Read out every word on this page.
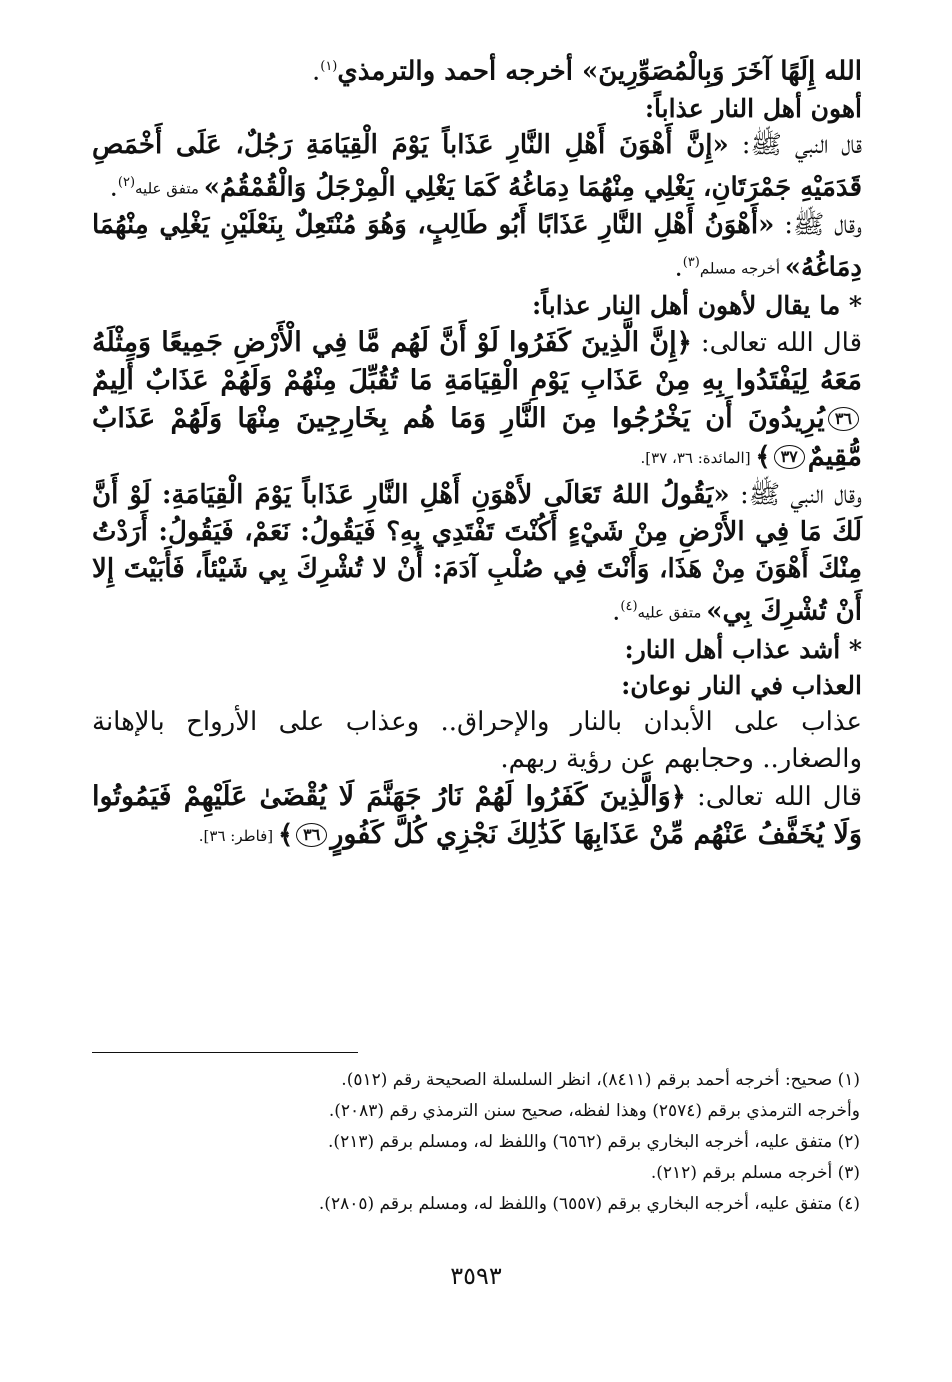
الله إِلَهًا آخَرَ وَبِالْمُصَوِّرِينَ» أخرجه أحمد والترمذي$^{(١)}$.

أهون أهل النار عذاباً:

قال النبي ﷺ: «إِنَّ أَهْوَنَ أَهْلِ النَّارِ عَذَاباً يَوْمَ الْقِيَامَةِ رَجُلٌ، عَلَى أَخْمَصِ قَدَمَيْهِ جَمْرَتَانِ، يَغْلِي مِنْهُمَا دِمَاغُهُ كَمَا يَغْلِي الْمِرْجَلُ وَالْقُمْقُمُ» متفق عليه$^{(٢)}$.

وقال ﷺ: «أَهْوَنُ أَهْلِ النَّارِ عَذَابًا أَبُو طَالِبٍ، وَهُوَ مُنْتَعِلٌ بِنَعْلَيْنِ يَغْلِي مِنْهُمَا دِمَاغُهُ» أخرجه مسلم$^{(٣)}$.

* ما يقال لأهون أهل النار عذاباً:

قال الله تعالى: ﴿إِنَّ الَّذِينَ كَفَرُوا لَوْ أَنَّ لَهُم مَّا فِي الْأَرْضِ جَمِيعًا وَمِثْلَهُ مَعَهُ لِيَفْتَدُوا بِهِ مِنْ عَذَابِ يَوْمِ الْقِيَامَةِ مَا تُقُبِّلَ مِنْهُمْ وَلَهُمْ عَذَابٌ أَلِيمٌ٣٦يُرِيدُونَ أَن يَخْرُجُوا مِنَ النَّارِ وَمَا هُم بِخَارِجِينَ مِنْهَا وَلَهُمْ عَذَابٌ مُّقِيمٌ٣٧﴾ [المائدة: ٣٦، ٣٧].

وقال النبي ﷺ: «يَقُولُ اللهُ تَعَالَى لأَهْوَنِ أَهْلِ النَّارِ عَذَاباً يَوْمَ الْقِيَامَةِ: لَوْ أَنَّ لَكَ مَا فِي الأَرْضِ مِنْ شَيْءٍ أَكُنْتَ تَفْتَدِي بِهِ؟ فَيَقُولُ: نَعَمْ، فَيَقُولُ: أَرَدْتُ مِنْكَ أَهْوَنَ مِنْ هَذَا، وَأَنْتَ فِي صُلْبِ آدَمَ: أَنْ لا تُشْرِكَ بِي شَيْئاً، فَأَبَيْتَ إِلا أَنْ تُشْرِكَ بِي» متفق عليه$^{(٤)}$.

* أشد عذاب أهل النار:

العذاب في النار نوعان:

عذاب على الأبدان بالنار والإحراق.. وعذاب على الأرواح بالإهانة والصغار.. وحجابهم عن رؤية ربهم.

قال الله تعالى: ﴿وَالَّذِينَ كَفَرُوا لَهُمْ نَارُ جَهَنَّمَ لَا يُقْضَىٰ عَلَيْهِمْ فَيَمُوتُوا وَلَا يُخَفَّفُ عَنْهُم مِّنْ عَذَابِهَا كَذَٰلِكَ نَجْزِي كُلَّ كَفُورٍ٣٦﴾ [فاطر: ٣٦].

(١) صحيح: أخرجه أحمد برقم (٨٤١١)، انظر السلسلة الصحيحة رقم (٥١٢).

وأخرجه الترمذي برقم (٢٥٧٤) وهذا لفظه، صحيح سنن الترمذي رقم (٢٠٨٣).

(٢) متفق عليه، أخرجه البخاري برقم (٦٥٦٢) واللفظ له، ومسلم برقم (٢١٣).

(٣) أخرجه مسلم برقم (٢١٢).

(٤) متفق عليه، أخرجه البخاري برقم (٦٥٥٧) واللفظ له، ومسلم برقم (٢٨٠٥).

٣٥٩٣
